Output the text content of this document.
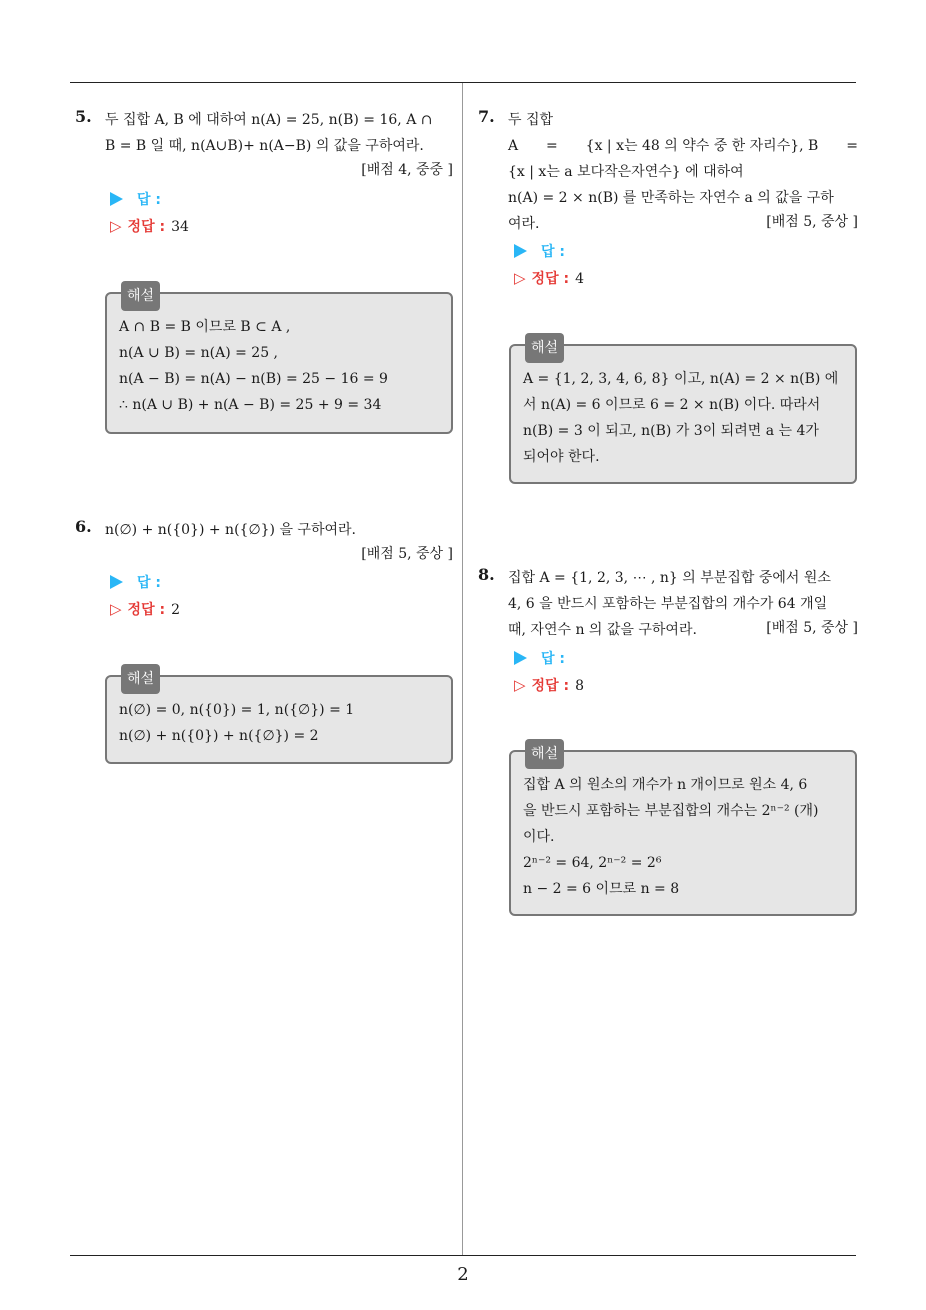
5. 두 집합 A, B 에 대하여 n(A) = 25, n(B) = 16, A ∩
B = B 일 때, n(A∪B)+ n(A−B) 의 값을 구하여라.
[배점 4, 중중 ]
답 :
▷ 정답 : 34
해설
A ∩ B = B 이므로 B ⊂ A ,
n(A ∪ B) = n(A) = 25 ,
n(A − B) = n(A) − n(B) = 25 − 16 = 9
∴ n(A ∪ B) + n(A − B) = 25 + 9 = 34
6. n(∅) + n({0}) + n({∅}) 을 구하여라.
[배점 5, 중상 ]
답 :
▷ 정답 : 2
해설
n(∅) = 0, n({0}) = 1, n({∅}) = 1
n(∅) + n({0}) + n({∅}) = 2
7. 두 집합
A = {x | x는 48 의 약수 중 한 자리수}, B =
{x | x는 a 보다작은자연수} 에 대하여
n(A) = 2 × n(B) 를 만족하는 자연수 a 의 값을 구하
여라.	[배점 5, 중상 ]
답 :
▷ 정답 : 4
해설
A = {1, 2, 3, 4, 6, 8} 이고, n(A) = 2 × n(B) 에
서 n(A) = 6 이므로 6 = 2 × n(B) 이다. 따라서
n(B) = 3 이 되고, n(B) 가 3이 되려면 a 는 4가
되어야 한다.
8. 집합 A = {1, 2, 3, ⋯ , n} 의 부분집합 중에서 원소
4, 6 을 반드시 포함하는 부분집합의 개수가 64 개일
때, 자연수 n 의 값을 구하여라.	[배점 5, 중상 ]
답 :
▷ 정답 : 8
해설
집합 A 의 원소의 개수가 n 개이므로 원소 4, 6
을 반드시 포함하는 부분집합의 개수는 2ⁿ⁻² (개)
이다.
2ⁿ⁻² = 64, 2ⁿ⁻² = 2⁶
n − 2 = 6 이므로 n = 8
2
